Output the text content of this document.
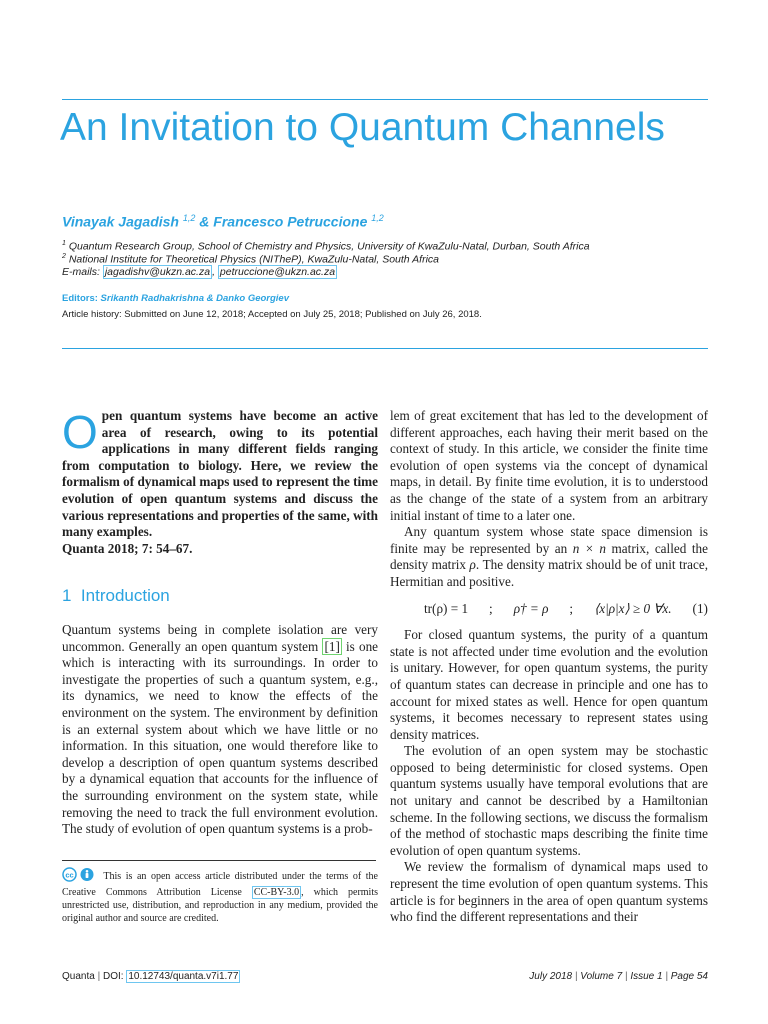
An Invitation to Quantum Channels
Vinayak Jagadish $^{1,2}$ & Francesco Petruccione $^{1,2}$
$^1$ Quantum Research Group, School of Chemistry and Physics, University of KwaZulu-Natal, Durban, South Africa
$^2$ National Institute for Theoretical Physics (NITheP), KwaZulu-Natal, South Africa
E-mails: jagadishv@ukzn.ac.za , petruccione@ukzn.ac.za
Editors: Srikanth Radhakrishna & Danko Georgiev
Article history: Submitted on June 12, 2018; Accepted on July 25, 2018; Published on July 26, 2018.
Open quantum systems have become an active area of research, owing to its potential applications in many different fields ranging from computation to biology. Here, we review the formalism of dynamical maps used to represent the time evolution of open quantum systems and discuss the various representations and properties of the same, with many examples.
Quanta 2018; 7: 54–67.
1 Introduction
Quantum systems being in complete isolation are very uncommon. Generally an open quantum system [1] is one which is interacting with its surroundings. In order to investigate the properties of such a quantum system, e.g., its dynamics, we need to know the effects of the environment on the system. The environment by definition is an external system about which we have little or no information. In this situation, one would therefore like to develop a description of open quantum systems described by a dynamical equation that accounts for the influence of the surrounding environment on the system state, while removing the need to track the full environment evolution. The study of evolution of open quantum systems is a prob-
cc	This is an open access article distributed under the terms of the Creative Commons Attribution License CC-BY-3.0 , which permits unrestricted use, distribution, and reproduction in any medium, provided the original author and source are credited.

lem of great excitement that has led to the development of different approaches, each having their merit based on the context of study. In this article, we consider the finite time evolution of open systems via the concept of dynamical maps, in detail. By finite time evolution, it is to understood as the change of the state of a system from an arbitrary initial instant of time to a later one.

Any quantum system whose state space dimension is finite may be represented by an n × n matrix, called the density matrix ρ. The density matrix should be of unit trace, Hermitian and positive.

tr(ρ) = 1 ; ρ† = ρ ; ⟨x|ρ|x⟩ ≥ 0 ∀x. (1)

For closed quantum systems, the purity of a quantum state is not affected under time evolution and the evolution is unitary. However, for open quantum systems, the purity of quantum states can decrease in principle and one has to account for mixed states as well. Hence for open quantum systems, it becomes necessary to represent states using density matrices.

The evolution of an open system may be stochastic opposed to being deterministic for closed systems. Open quantum systems usually have temporal evolutions that are not unitary and cannot be described by a Hamiltonian scheme. In the following sections, we discuss the formalism of the method of stochastic maps describing the finite time evolution of open quantum systems.

We review the formalism of dynamical maps used to represent the time evolution of open quantum systems. This article is for beginners in the area of open quantum systems who find the different representations and their

Quanta | DOI: 10.12743/quanta.v7i1.77	July 2018 | Volume 7 | Issue 1 | Page 54
